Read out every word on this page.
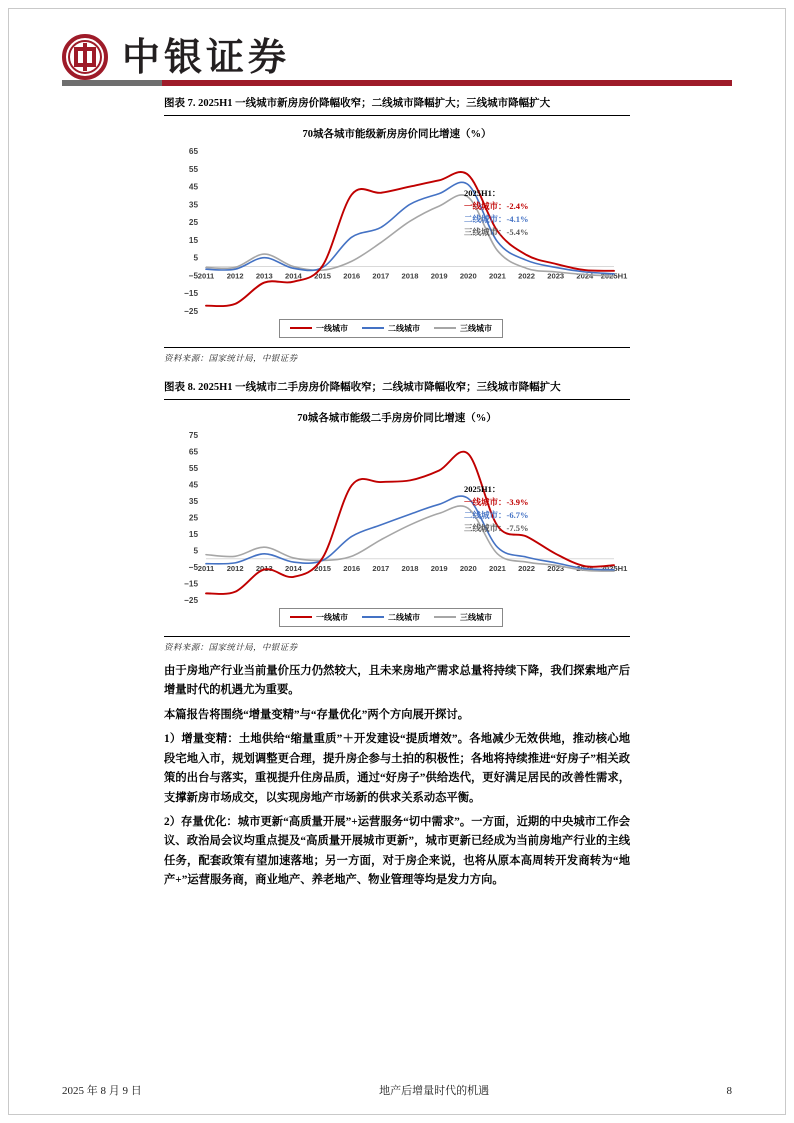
中银证券
图表 7. 2025H1 一线城市新房房价降幅收窄；二线城市降幅扩大；三线城市降幅扩大
70城各城市能级新房房价同比增速（%）
−25
−15
−5
5
15
25
35
45
55
65
2011 2012 2013 2014 2015 2016 2017 2018 2019 2020 2021 2022 2023 2024 2025H1
2025H1：
一线城市：-2.4%
二线城市：-4.1%
三线城市：-5.4%
一线城市	二线城市	三线城市
资料来源：国家统计局，中银证券
图表 8. 2025H1 一线城市二手房房价降幅收窄；二线城市降幅收窄；三线城市降幅扩大
70城各城市能级二手房房价同比增速（%）
−25
−15
−5
5
15
25
35
45
55
65
75
2011 2012 2013 2014 2015 2016 2017 2018 2019 2020 2021 2022 2023 2024 2025H1
2025H1：
一线城市：-3.9%
二线城市：-6.7%
三线城市：-7.5%
一线城市	二线城市	三线城市
资料来源：国家统计局，中银证券

由于房地产行业当前量价压力仍然较大，且未来房地产需求总量将持续下降，我们探索地产后增量时代的机遇尤为重要。

本篇报告将围绕“增量变精”与“存量优化”两个方向展开探讨。

1）增量变精：土地供给“缩量重质”＋开发建设“提质增效”。各地减少无效供地，推动核心地段宅地入市，规划调整更合理，提升房企参与土拍的积极性；各地将持续推进“好房子”相关政策的出台与落实，重视提升住房品质，通过“好房子”供给迭代，更好满足居民的改善性需求，支撑新房市场成交，以实现房地产市场新的供求关系动态平衡。

2）存量优化：城市更新“高质量开展”+运营服务“切中需求”。一方面，近期的中央城市工作会议、政治局会议均重点提及“高质量开展城市更新”，城市更新已经成为当前房地产行业的主线任务，配套政策有望加速落地；另一方面，对于房企来说，也将从原本高周转开发商转为“地产+”运营服务商，商业地产、养老地产、物业管理等均是发力方向。

2025 年 8 月 9 日	地产后增量时代的机遇	8
